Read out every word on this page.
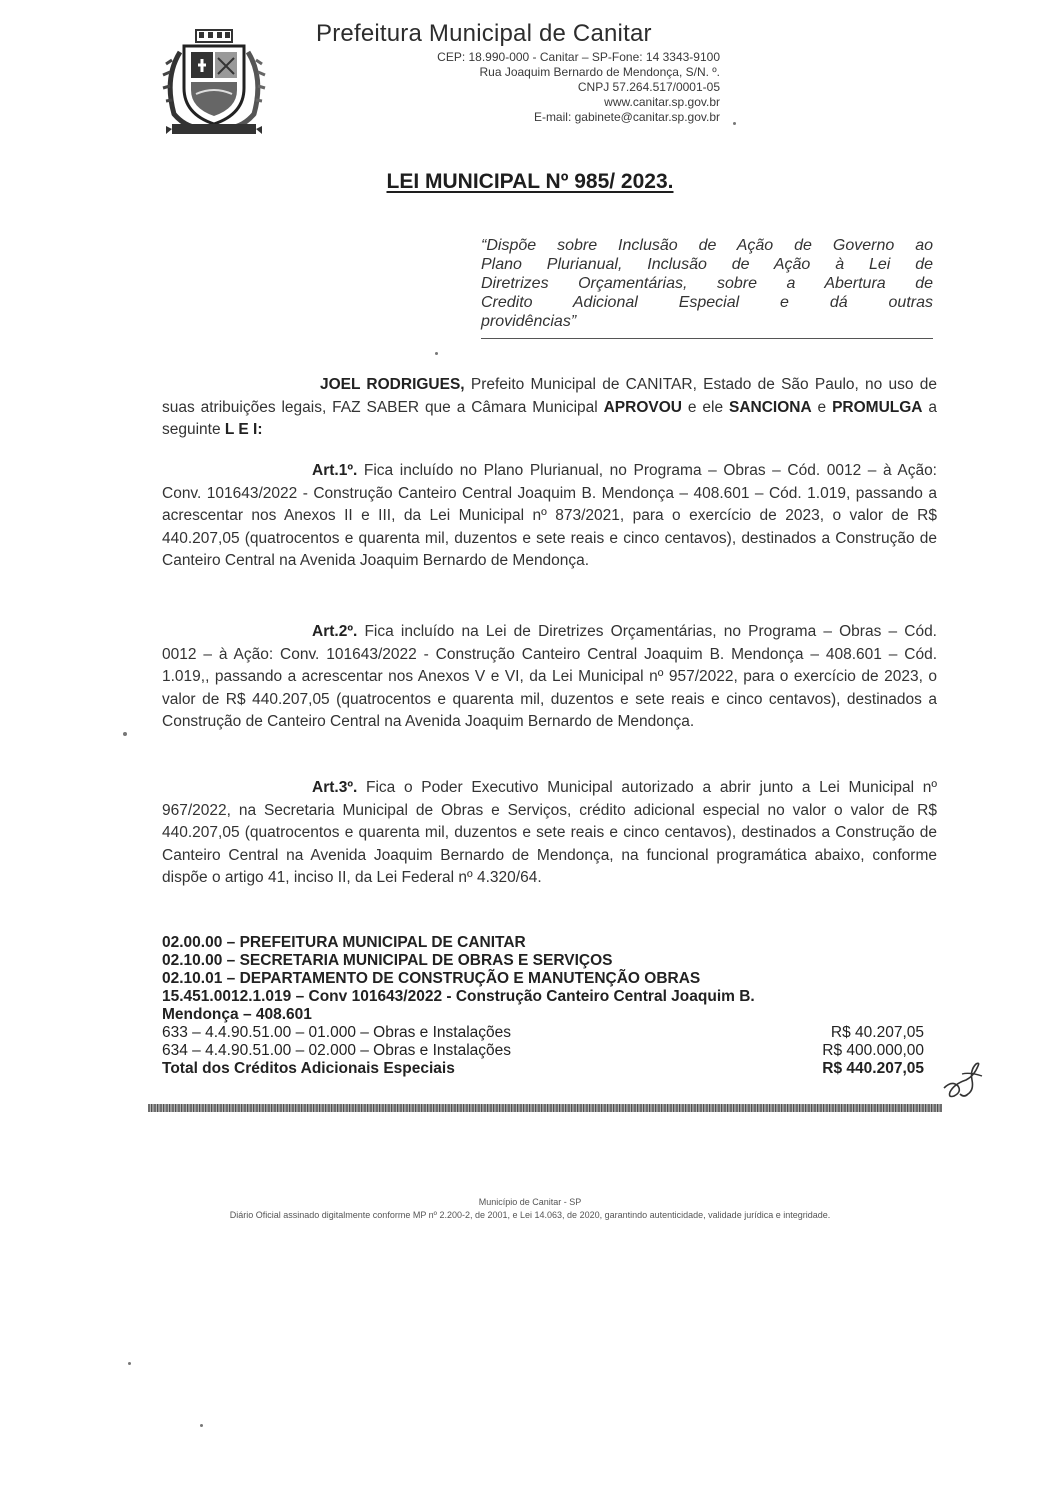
Prefeitura Municipal de Canitar
CEP: 18.990-000 - Canitar – SP-Fone: 14 3343-9100
Rua Joaquim Bernardo de Mendonça, S/N. º.
CNPJ 57.264.517/0001-05
www.canitar.sp.gov.br
E-mail: gabinete@canitar.sp.gov.br
LEI MUNICIPAL Nº 985/ 2023.
“Dispõe sobre Inclusão de Ação de Governo ao
Plano Plurianual, Inclusão de Ação à Lei de
Diretrizes Orçamentárias, sobre a Abertura de
Credito Adicional Especial e dá outras
providências”
JOEL RODRIGUES, Prefeito Municipal de CANITAR, Estado de São Paulo, no uso de suas atribuições legais, FAZ SABER que a Câmara Municipal APROVOU e ele SANCIONA e PROMULGA a seguinte L E I:
Art.1º. Fica incluído no Plano Plurianual, no Programa – Obras – Cód. 0012 – à Ação: Conv. 101643/2022 - Construção Canteiro Central Joaquim B. Mendonça – 408.601 – Cód. 1.019, passando a acrescentar nos Anexos II e III, da Lei Municipal nº 873/2021, para o exercício de 2023, o valor de R$ 440.207,05 (quatrocentos e quarenta mil, duzentos e sete reais e cinco centavos), destinados a Construção de Canteiro Central na Avenida Joaquim Bernardo de Mendonça.
Art.2º. Fica incluído na Lei de Diretrizes Orçamentárias, no Programa – Obras – Cód. 0012 – à Ação: Conv. 101643/2022 - Construção Canteiro Central Joaquim B. Mendonça – 408.601 – Cód. 1.019,, passando a acrescentar nos Anexos V e VI, da Lei Municipal nº 957/2022, para o exercício de 2023, o valor de R$ 440.207,05 (quatrocentos e quarenta mil, duzentos e sete reais e cinco centavos), destinados a Construção de Canteiro Central na Avenida Joaquim Bernardo de Mendonça.
Art.3º. Fica o Poder Executivo Municipal autorizado a abrir junto a Lei Municipal nº 967/2022, na Secretaria Municipal de Obras e Serviços, crédito adicional especial no valor o valor de R$ 440.207,05 (quatrocentos e quarenta mil, duzentos e sete reais e cinco centavos), destinados a Construção de Canteiro Central na Avenida Joaquim Bernardo de Mendonça, na funcional programática abaixo, conforme dispõe o artigo 41, inciso II, da Lei Federal nº 4.320/64.
02.00.00 – PREFEITURA MUNICIPAL DE CANITAR
02.10.00 – SECRETARIA MUNICIPAL DE OBRAS E SERVIÇOS
02.10.01 – DEPARTAMENTO DE CONSTRUÇÃO E MANUTENÇÃO OBRAS
15.451.0012.1.019 – Conv 101643/2022 - Construção Canteiro Central Joaquim B.
Mendonça – 408.601
633 – 4.4.90.51.00 – 01.000 – Obras e Instalações	R$ 40.207,05
634 – 4.4.90.51.00 – 02.000 – Obras e Instalações	R$ 400.000,00
Total dos Créditos Adicionais Especiais	R$ 440.207,05
Município de Canitar - SP
Diário Oficial assinado digitalmente conforme MP nº 2.200-2, de 2001, e Lei 14.063, de 2020, garantindo autenticidade, validade jurídica e integridade.
